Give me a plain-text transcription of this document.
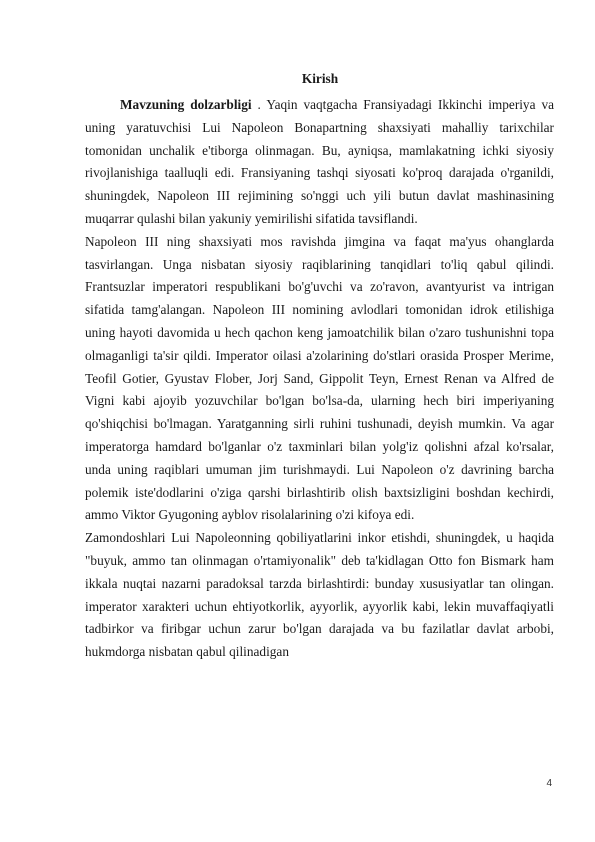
Kirish

Mavzuning dolzarbligi . Yaqin vaqtgacha Fransiyadagi Ikkinchi imperiya va uning yaratuvchisi Lui Napoleon Bonapartning shaxsiyati mahalliy tarixchilar tomonidan unchalik e'tiborga olinmagan. Bu, ayniqsa, mamlakatning ichki siyosiy rivojlanishiga taalluqli edi. Fransiyaning tashqi siyosati ko'proq darajada o'rganildi, shuningdek, Napoleon III rejimining so'nggi uch yili butun davlat mashinasining muqarrar qulashi bilan yakuniy yemirilishi sifatida tavsiflandi.

Napoleon III ning shaxsiyati mos ravishda jimgina va faqat ma'yus ohanglarda tasvirlangan. Unga nisbatan siyosiy raqiblarining tanqidlari to'liq qabul qilindi. Frantsuzlar imperatori respublikani bo'g'uvchi va zo'ravon, avantyurist va intrigan sifatida tamg'alangan. Napoleon III nomining avlodlari tomonidan idrok etilishiga uning hayoti davomida u hech qachon keng jamoatchilik bilan o'zaro tushunishni topa olmaganligi ta'sir qildi. Imperator oilasi a'zolarining do'stlari orasida Prosper Merime, Teofil Gotier, Gyustav Flober, Jorj Sand, Gippolit Teyn, Ernest Renan va Alfred de Vigni kabi ajoyib yozuvchilar bo'lgan bo'lsa-da, ularning hech biri imperiyaning qo'shiqchisi bo'lmagan. Yaratganning sirli ruhini tushunadi, deyish mumkin. Va agar imperatorga hamdard bo'lganlar o'z taxminlari bilan yolg'iz qolishni afzal ko'rsalar, unda uning raqiblari umuman jim turishmaydi. Lui Napoleon o'z davrining barcha polemik iste'dodlarini o'ziga qarshi birlashtirib olish baxtsizligini boshdan kechirdi, ammo Viktor Gyugoning ayblov risolalarining o'zi kifoya edi.

Zamondoshlari Lui Napoleonning qobiliyatlarini inkor etishdi, shuningdek, u haqida "buyuk, ammo tan olinmagan o'rtamiyonalik" deb ta'kidlagan Otto fon Bismark ham ikkala nuqtai nazarni paradoksal tarzda birlashtirdi: bunday xususiyatlar tan olingan. imperator xarakteri uchun ehtiyotkorlik, ayyorlik, ayyorlik kabi, lekin muvaffaqiyatli tadbirkor va firibgar uchun zarur bo'lgan darajada va bu fazilatlar davlat arbobi, hukmdorga nisbatan qabul qilinadigan

4
